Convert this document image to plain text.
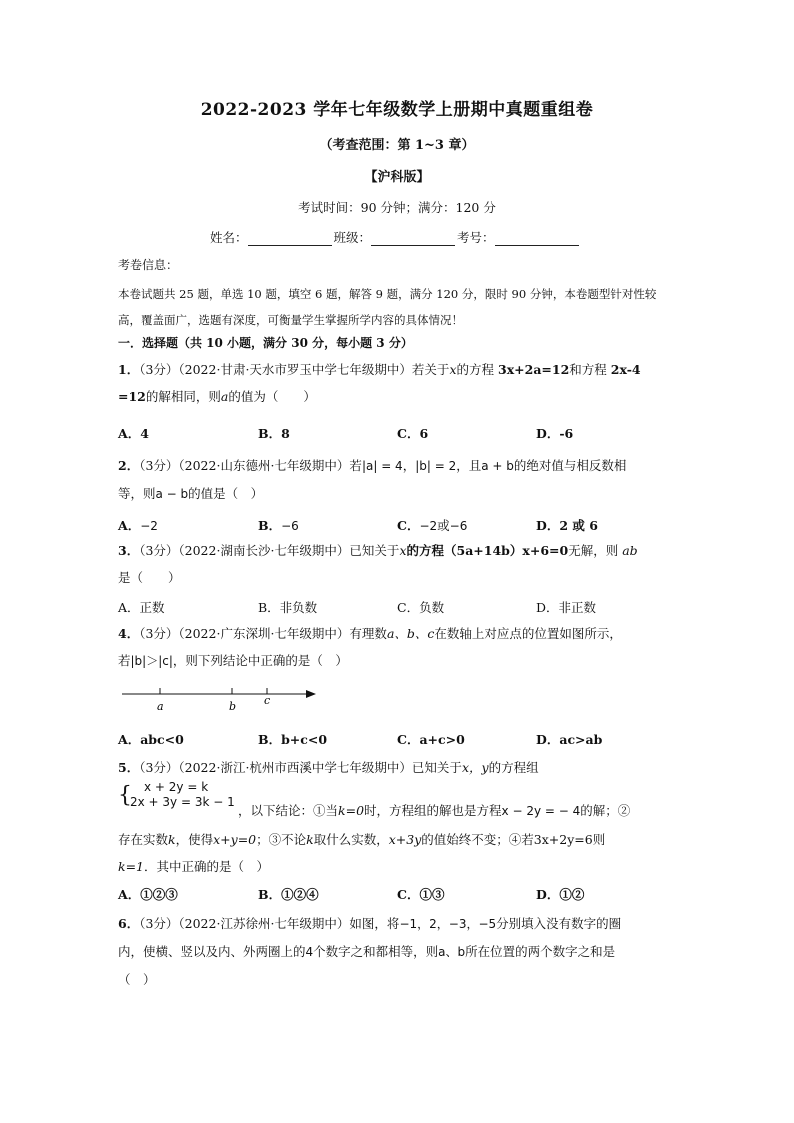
2022-2023 学年七年级数学上册期中真题重组卷
（考查范围：第 1~3 章）
【沪科版】
考试时间：90 分钟；满分：120 分
姓名：	班级：	考号：
考卷信息：
本卷试题共 25 题，单选 10 题，填空 6 题，解答 9 题，满分 120 分，限时 90 分钟，本卷题型针对性较高，覆盖面广，选题有深度，可衡量学生掌握所学内容的具体情况！
一．选择题（共 10 小题，满分 30 分，每小题 3 分）
1．（3分）（2022·甘肃·天水市罗玉中学七年级期中）若关于x的方程 3x+2a=12和方程 2x-4
=12的解相同，则a的值为（　　）
A．4	B．8	C．6	D．-6
2．（3分）（2022·山东德州·七年级期中）若|a| = 4，|b| = 2，且a + b的绝对值与相反数相
等，则a − b的值是（　）
A．−2	B．−6	C．−2或−6	D．2 或 6
3．（3分）（2022·湖南长沙·七年级期中）已知关于x的方程（5a+14b）x+6=0无解，则 ab
是（　　）
A．正数	B．非负数	C．负数	D．非正数
4．（3分）（2022·广东深圳·七年级期中）有理数a、b、c在数轴上对应点的位置如图所示，
若|b|＞|c|，则下列结论中正确的是（　）
a	b	c
A．abc<0	B．b+c<0	C．a+c>0	D．ac>ab
5．（3分）（2022·浙江·杭州市西溪中学七年级期中）已知关于x，y的方程组
{ x + 2y = k
2x + 3y = 3k − 1
，以下结论：①当k=0时，方程组的解也是方程x − 2y = − 4的解；②
存在实数k，使得x+y=0；③不论k取什么实数，x+3y的值始终不变；④若3x+2y=6则
k=1．其中正确的是（　）
A．①②③	B．①②④	C．①③	D．①②
6．（3分）（2022·江苏徐州·七年级期中）如图，将−1，2，−3，−5分别填入没有数字的圈
内，使横、竖以及内、外两圈上的4个数字之和都相等，则a、b所在位置的两个数字之和是
（　）
